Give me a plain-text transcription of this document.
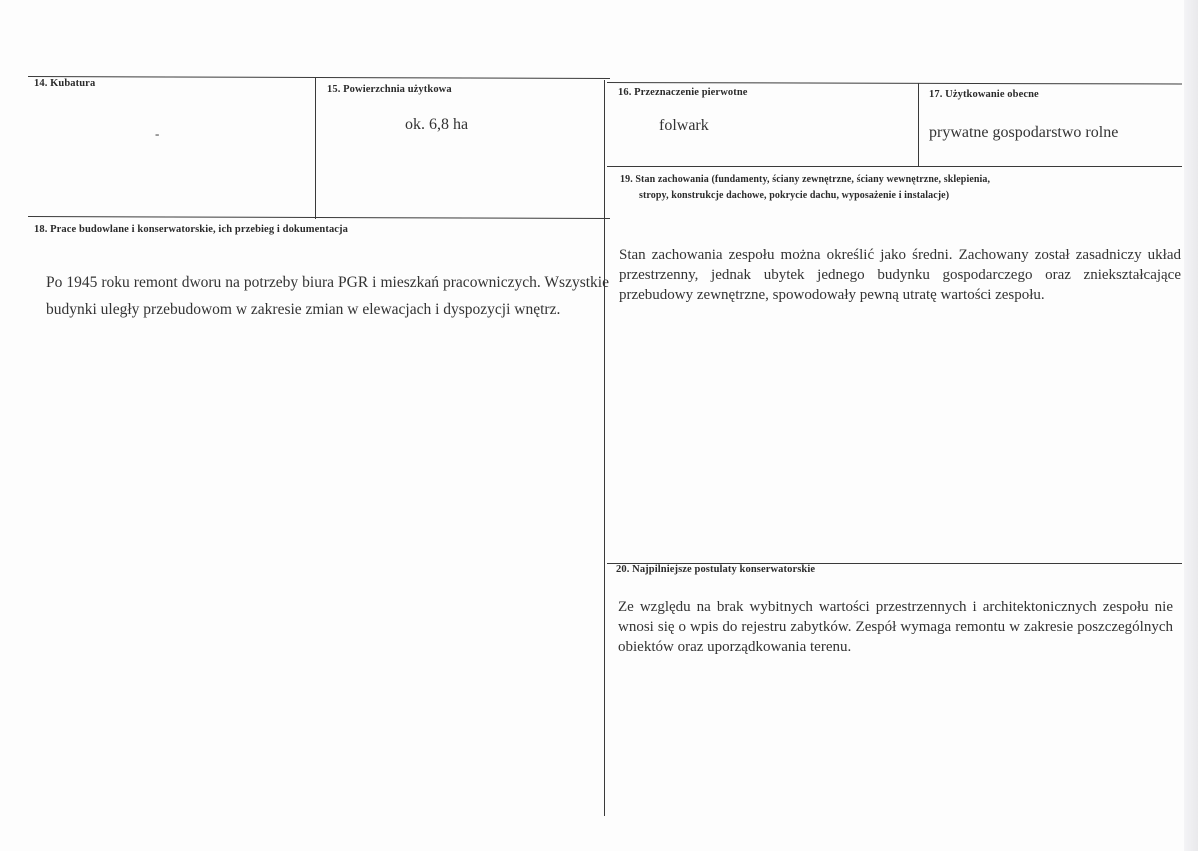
14. Kubatura
-
15. Powierzchnia użytkowa
ok. 6,8 ha
16. Przeznaczenie pierwotne
folwark
17. Użytkowanie obecne
prywatne gospodarstwo rolne
18. Prace budowlane i konserwatorskie, ich przebieg i dokumentacja
Po 1945 roku remont dworu na potrzeby biura PGR i mieszkań pracowniczych. Wszystkie budynki uległy przebudowom w zakresie zmian w elewacjach i dyspozycji wnętrz.
19. Stan zachowania (fundamenty, ściany zewnętrzne, ściany wewnętrzne, sklepienia,
stropy, konstrukcje dachowe, pokrycie dachu, wyposażenie i instalacje)
Stan zachowania zespołu można określić jako średni. Zachowany został zasadniczy układ przestrzenny, jednak ubytek jednego budynku gospodarczego oraz zniekształcające przebudowy zewnętrzne, spowodowały pewną utratę wartości zespołu.
20. Najpilniejsze postulaty konserwatorskie
Ze względu na brak wybitnych wartości przestrzennych i architektonicznych zespołu nie wnosi się o wpis do rejestru zabytków. Zespół wymaga remontu w zakresie poszczególnych obiektów oraz uporządkowania terenu.
